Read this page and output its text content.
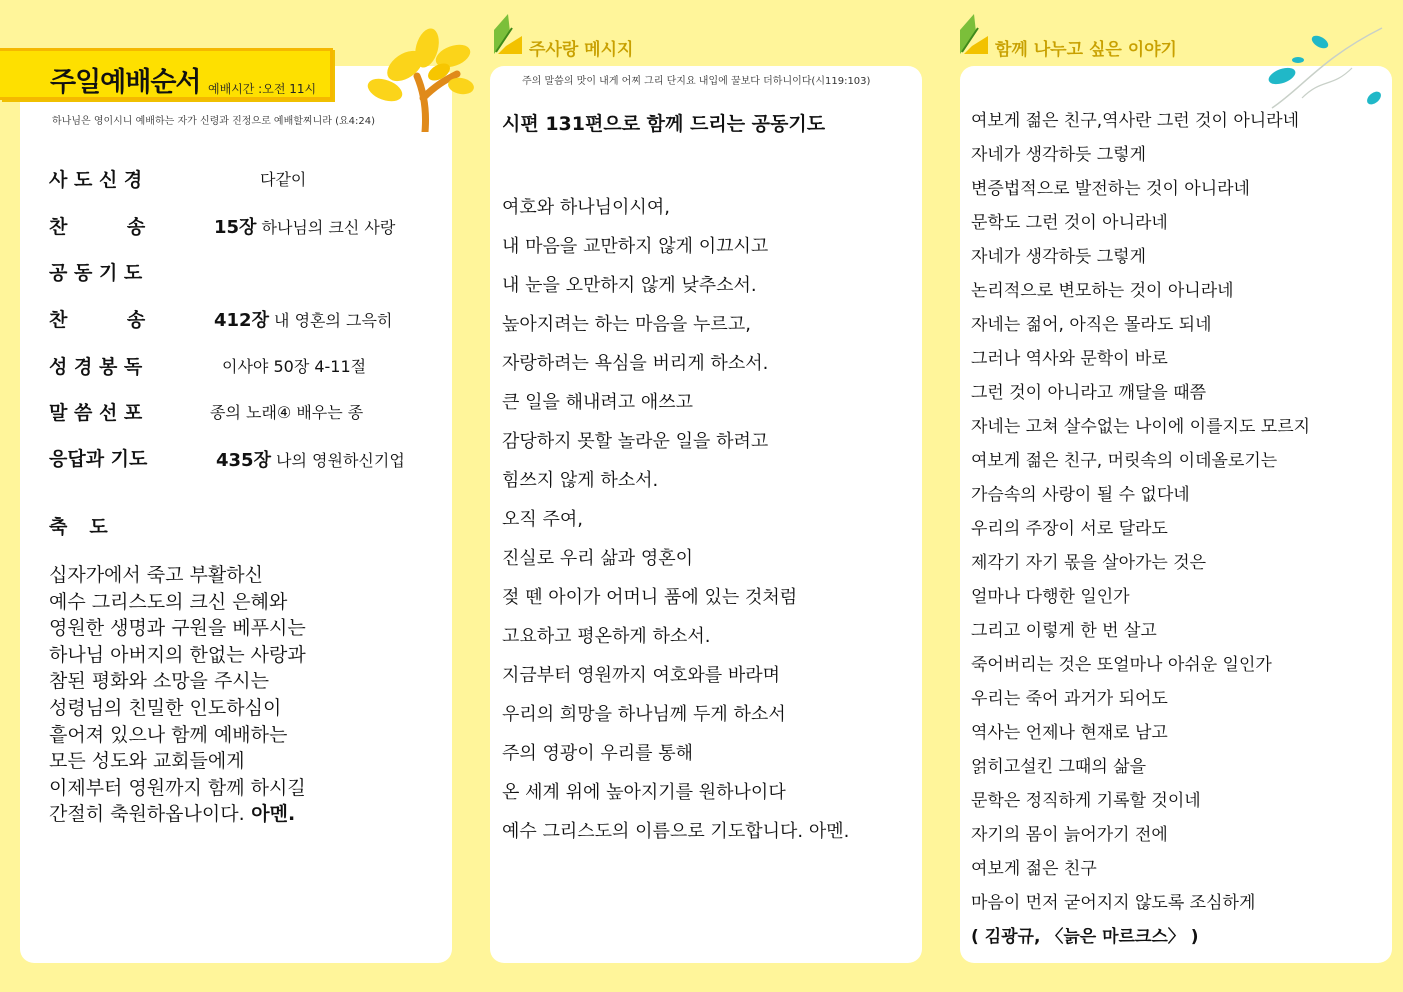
주일예배순서 예배시간 :오전 11시
하나님은 영이시니 예배하는 자가 신령과 진정으로 예배할찌니라 (요4:24)
사 도 신 경	다같이
찬         송	15장 하나님의 크신 사랑
공 동 기 도
찬         송	412장 내 영혼의 그윽히
성 경 봉 독	이사야 50장 4-11절
말 씀 선 포	종의 노래④ 배우는 종
응답과 기도	435장 나의 영원하신기업
축도
십자가에서 죽고 부활하신
예수 그리스도의 크신 은혜와
영원한 생명과 구원을 베푸시는
하나님 아버지의 한없는 사랑과
참된 평화와 소망을 주시는
성령님의 친밀한 인도하심이
흩어져 있으나 함께 예배하는
모든 성도와 교회들에게
이제부터 영원까지 함께 하시길
간절히 축원하옵나이다. 아멘.
주사랑 메시지
주의 말씀의 맛이 내게 어찌 그리 단지요 내입에 꿀보다 더하니이다(시119:103)
시편 131편으로 함께 드리는 공동기도
여호와 하나님이시여,
내 마음을 교만하지 않게 이끄시고
내 눈을 오만하지 않게 낮추소서.
높아지려는 하는 마음을 누르고,
자랑하려는 욕심을 버리게 하소서.
큰 일을 해내려고 애쓰고
감당하지 못할 놀라운 일을 하려고
힘쓰지 않게 하소서.
오직 주여,
진실로 우리 삶과 영혼이
젖 뗀 아이가 어머니 품에 있는 것처럼
고요하고 평온하게 하소서.
지금부터 영원까지 여호와를 바라며
우리의 희망을 하나님께 두게 하소서
주의 영광이 우리를 통해
온 세계 위에 높아지기를 원하나이다
예수 그리스도의 이름으로 기도합니다. 아멘.
함께 나누고 싶은 이야기
여보게 젊은 친구,역사란 그런 것이 아니라네
자네가 생각하듯 그렇게
변증법적으로 발전하는 것이 아니라네
문학도 그런 것이 아니라네
자네가 생각하듯 그렇게
논리적으로 변모하는 것이 아니라네
자네는 젊어, 아직은 몰라도 되네
그러나 역사와 문학이 바로
그런 것이 아니라고 깨달을 때쯤
자네는 고쳐 살수없는 나이에 이를지도 모르지
여보게 젊은 친구, 머릿속의 이데올로기는
가슴속의 사랑이 될 수 없다네
우리의 주장이 서로 달라도
제각기 자기 몫을 살아가는 것은
얼마나 다행한 일인가
그리고 이렇게 한 번 살고
죽어버리는 것은 또얼마나 아쉬운 일인가
우리는 죽어 과거가 되어도
역사는 언제나 현재로 남고
얽히고설킨 그때의 삶을
문학은 정직하게 기록할 것이네
자기의 몸이 늙어가기 전에
여보게 젊은 친구
마음이 먼저 굳어지지 않도록 조심하게
( 김광규, 〈늙은 마르크스〉 )
